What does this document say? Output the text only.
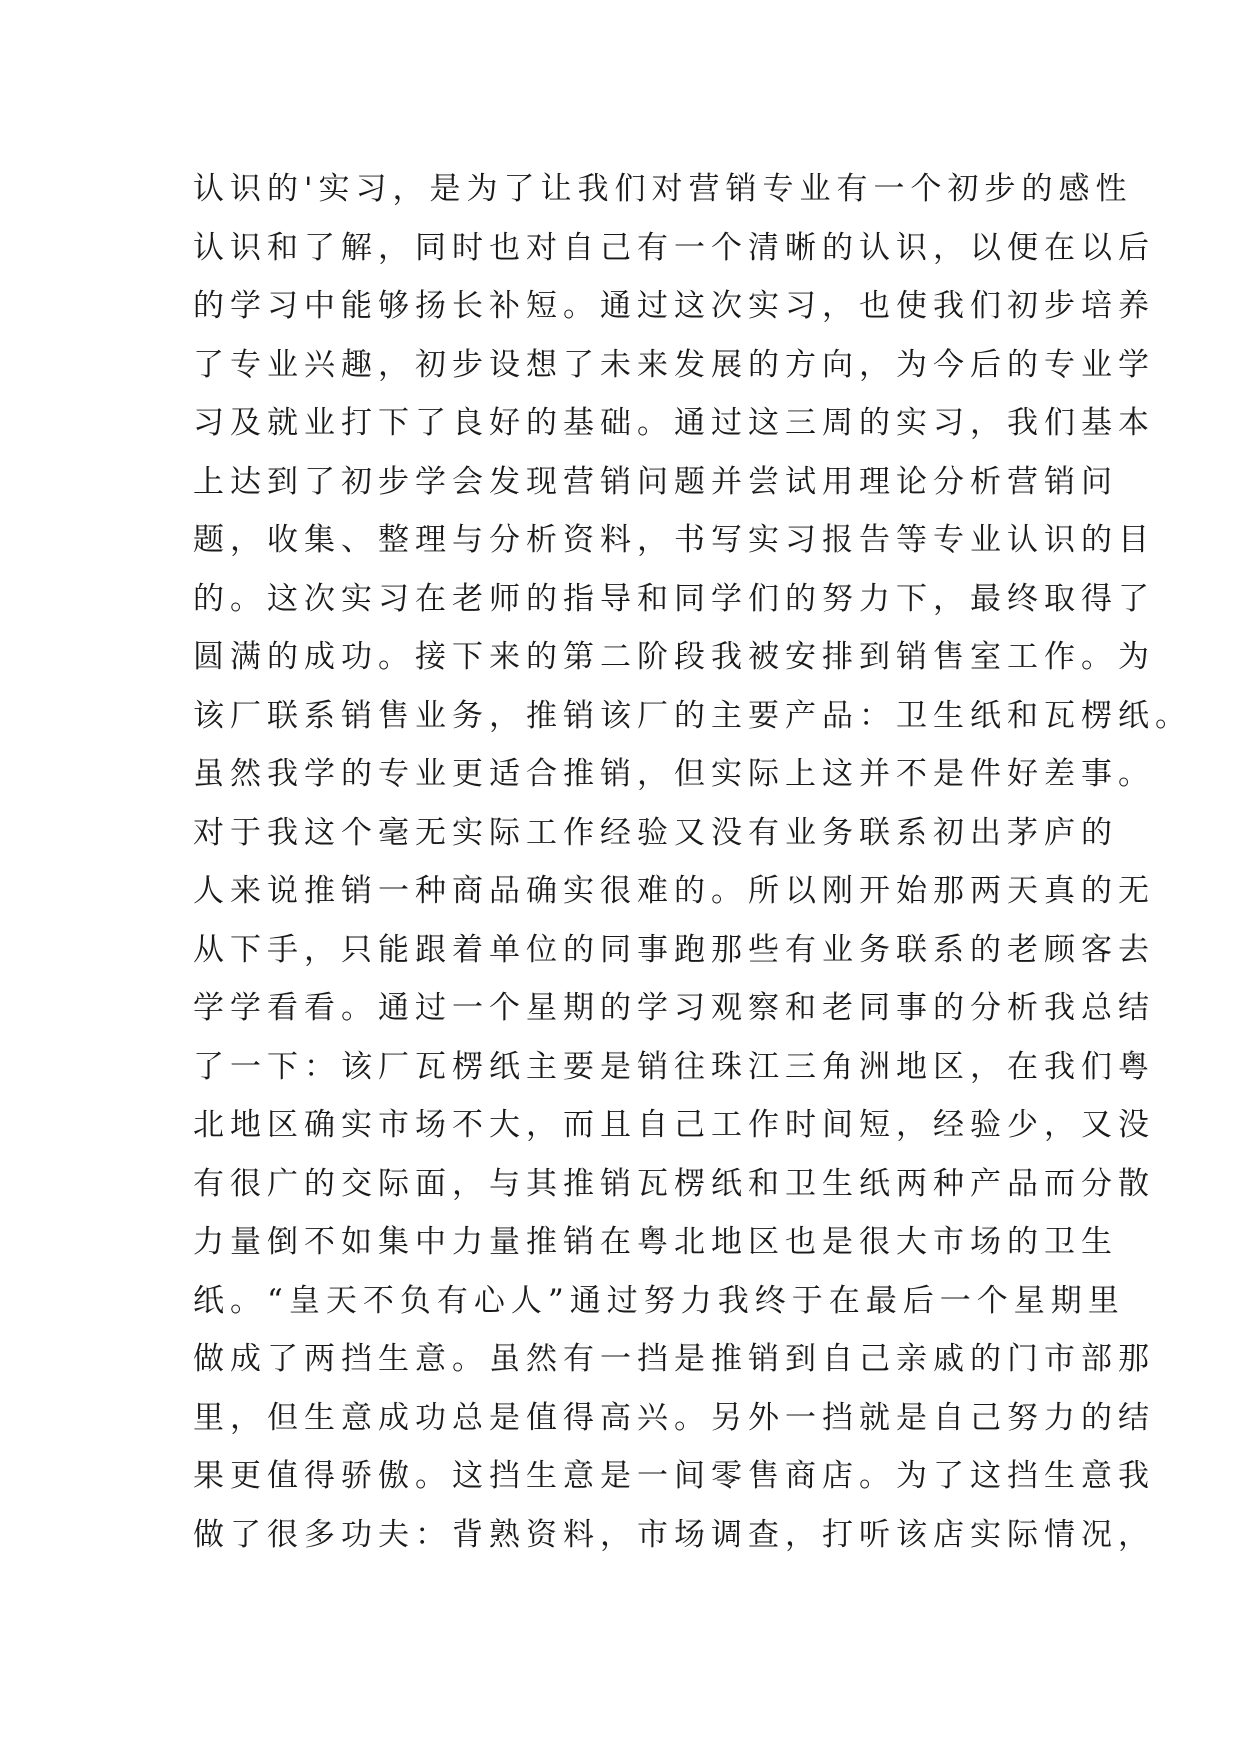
认识的'实习，是为了让我们对营销专业有一个初步的感性
认识和了解，同时也对自己有一个清晰的认识，以便在以后
的学习中能够扬长补短。通过这次实习，也使我们初步培养
了专业兴趣，初步设想了未来发展的方向，为今后的专业学
习及就业打下了良好的基础。通过这三周的实习，我们基本
上达到了初步学会发现营销问题并尝试用理论分析营销问
题，收集、整理与分析资料，书写实习报告等专业认识的目
的。这次实习在老师的指导和同学们的努力下，最终取得了
圆满的成功。接下来的第二阶段我被安排到销售室工作。为
该厂联系销售业务，推销该厂的主要产品：卫生纸和瓦楞纸。
虽然我学的专业更适合推销，但实际上这并不是件好差事。
对于我这个毫无实际工作经验又没有业务联系初出茅庐的
人来说推销一种商品确实很难的。所以刚开始那两天真的无
从下手，只能跟着单位的同事跑那些有业务联系的老顾客去
学学看看。通过一个星期的学习观察和老同事的分析我总结
了一下：该厂瓦楞纸主要是销往珠江三角洲地区，在我们粤
北地区确实市场不大，而且自己工作时间短，经验少，又没
有很广的交际面，与其推销瓦楞纸和卫生纸两种产品而分散
力量倒不如集中力量推销在粤北地区也是很大市场的卫生
纸。“皇天不负有心人”通过努力我终于在最后一个星期里
做成了两挡生意。虽然有一挡是推销到自己亲戚的门市部那
里，但生意成功总是值得高兴。另外一挡就是自己努力的结
果更值得骄傲。这挡生意是一间零售商店。为了这挡生意我
做了很多功夫：背熟资料，市场调查，打听该店实际情况，
